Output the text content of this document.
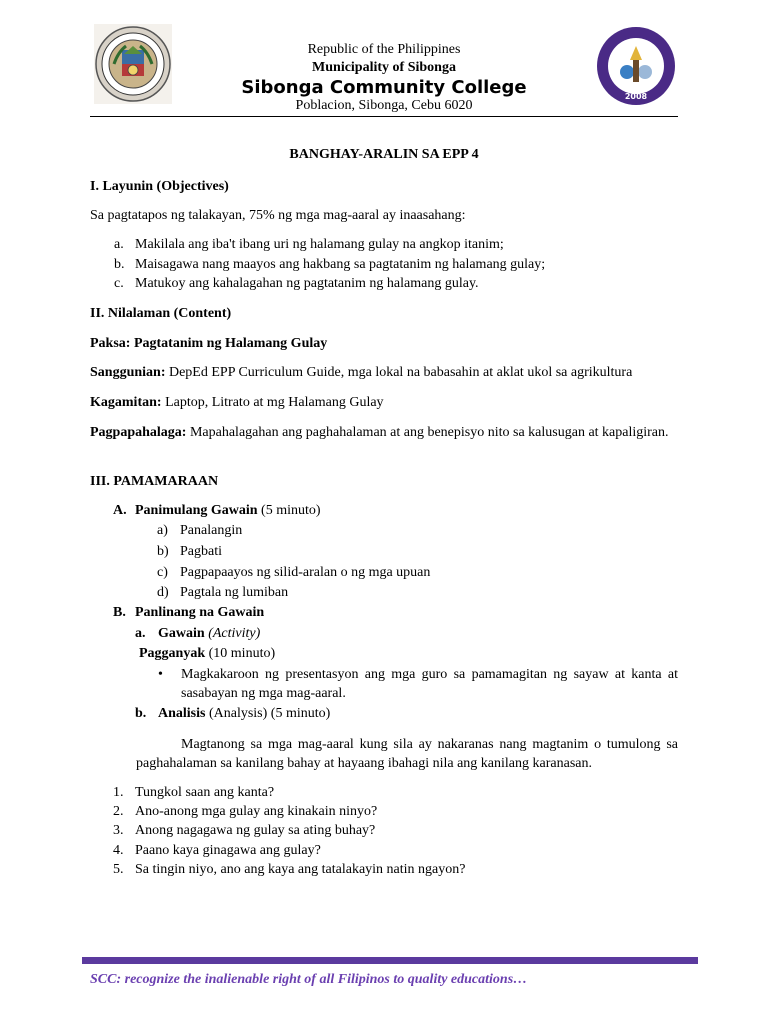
2008
Republic of the Philippines
Municipality of Sibonga
Sibonga Community College
Poblacion, Sibonga, Cebu 6020
BANGHAY-ARALIN SA EPP 4
I. Layunin (Objectives)
Sa pagtatapos ng talakayan, 75% ng mga mag-aaral ay inaasahang:
a. Makilala ang iba't ibang uri ng halamang gulay na angkop itanim;
b. Maisagawa nang maayos ang hakbang sa pagtatanim ng halamang gulay;
c. Matukoy ang kahalagahan ng pagtatanim ng halamang gulay.
II. Nilalaman (Content)
Paksa: Pagtatanim ng Halamang Gulay
Sanggunian: DepEd EPP Curriculum Guide, mga lokal na babasahin at aklat ukol sa agrikultura
Kagamitan: Laptop, Litrato at mg Halamang Gulay
Pagpapahalaga: Mapahalagahan ang paghahalaman at ang benepisyo nito sa kalusugan at kapaligiran.
III. PAMAMARAAN
A. Panimulang Gawain (5 minuto)
a) Panalangin
b) Pagbati
c) Pagpapaayos ng silid-aralan o ng mga upuan
d) Pagtala ng lumiban
B. Panlinang na Gawain
a. Gawain (Activity)
Pagganyak (10 minuto)
• Magkakaroon ng presentasyon ang mga guro sa pamamagitan ng sayaw at kanta at sasabayan ng mga mag-aaral.
b. Analisis (Analysis) (5 minuto)
Magtanong sa mga mag-aaral kung sila ay nakaranas nang magtanim o tumulong sa paghahalaman sa kanilang bahay at hayaang ibahagi nila ang kanilang karanasan.
1. Tungkol saan ang kanta?
2. Ano-anong mga gulay ang kinakain ninyo?
3. Anong nagagawa ng gulay sa ating buhay?
4. Paano kaya ginagawa ang gulay?
5. Sa tingin niyo, ano ang kaya ang tatalakayin natin ngayon?
SCC: recognize the inalienable right of all Filipinos to quality educations…
